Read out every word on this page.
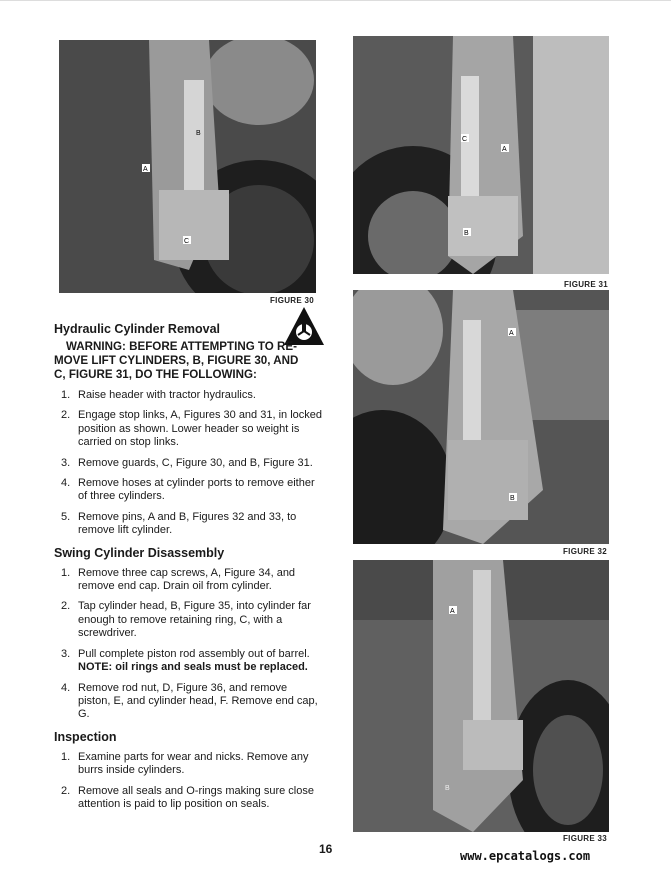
B
A
C
FIGURE 30
C
A
B
FIGURE 31
A
B
FIGURE 32
A
B
FIGURE 33
Hydraulic Cylinder Removal

WARNING: BEFORE ATTEMPTING TO RE-MOVE LIFT CYLINDERS, B, FIGURE 30, AND C, FIGURE 31, DO THE FOLLOWING:

1. Raise header with tractor hydraulics.
2. Engage stop links, A, Figures 30 and 31, in locked position as shown. Lower header so weight is carried on stop links.
3. Remove guards, C, Figure 30, and B, Figure 31.
4. Remove hoses at cylinder ports to remove either of three cylinders.
5. Remove pins, A and B, Figures 32 and 33, to remove lift cylinder.
Swing Cylinder Disassembly
1. Remove three cap screws, A, Figure 34, and remove end cap. Drain oil from cylinder.
2. Tap cylinder head, B, Figure 35, into cylinder far enough to remove retaining ring, C, with a screwdriver.
3. Pull complete piston rod assembly out of barrel. NOTE: oil rings and seals must be replaced.
4. Remove rod nut, D, Figure 36, and remove piston, E, and cylinder head, F. Remove end cap, G.
Inspection
1. Examine parts for wear and nicks. Remove any burrs inside cylinders.
2. Remove all seals and O-rings making sure close attention is paid to lip position on seals.
16	www.epcatalogs.com
